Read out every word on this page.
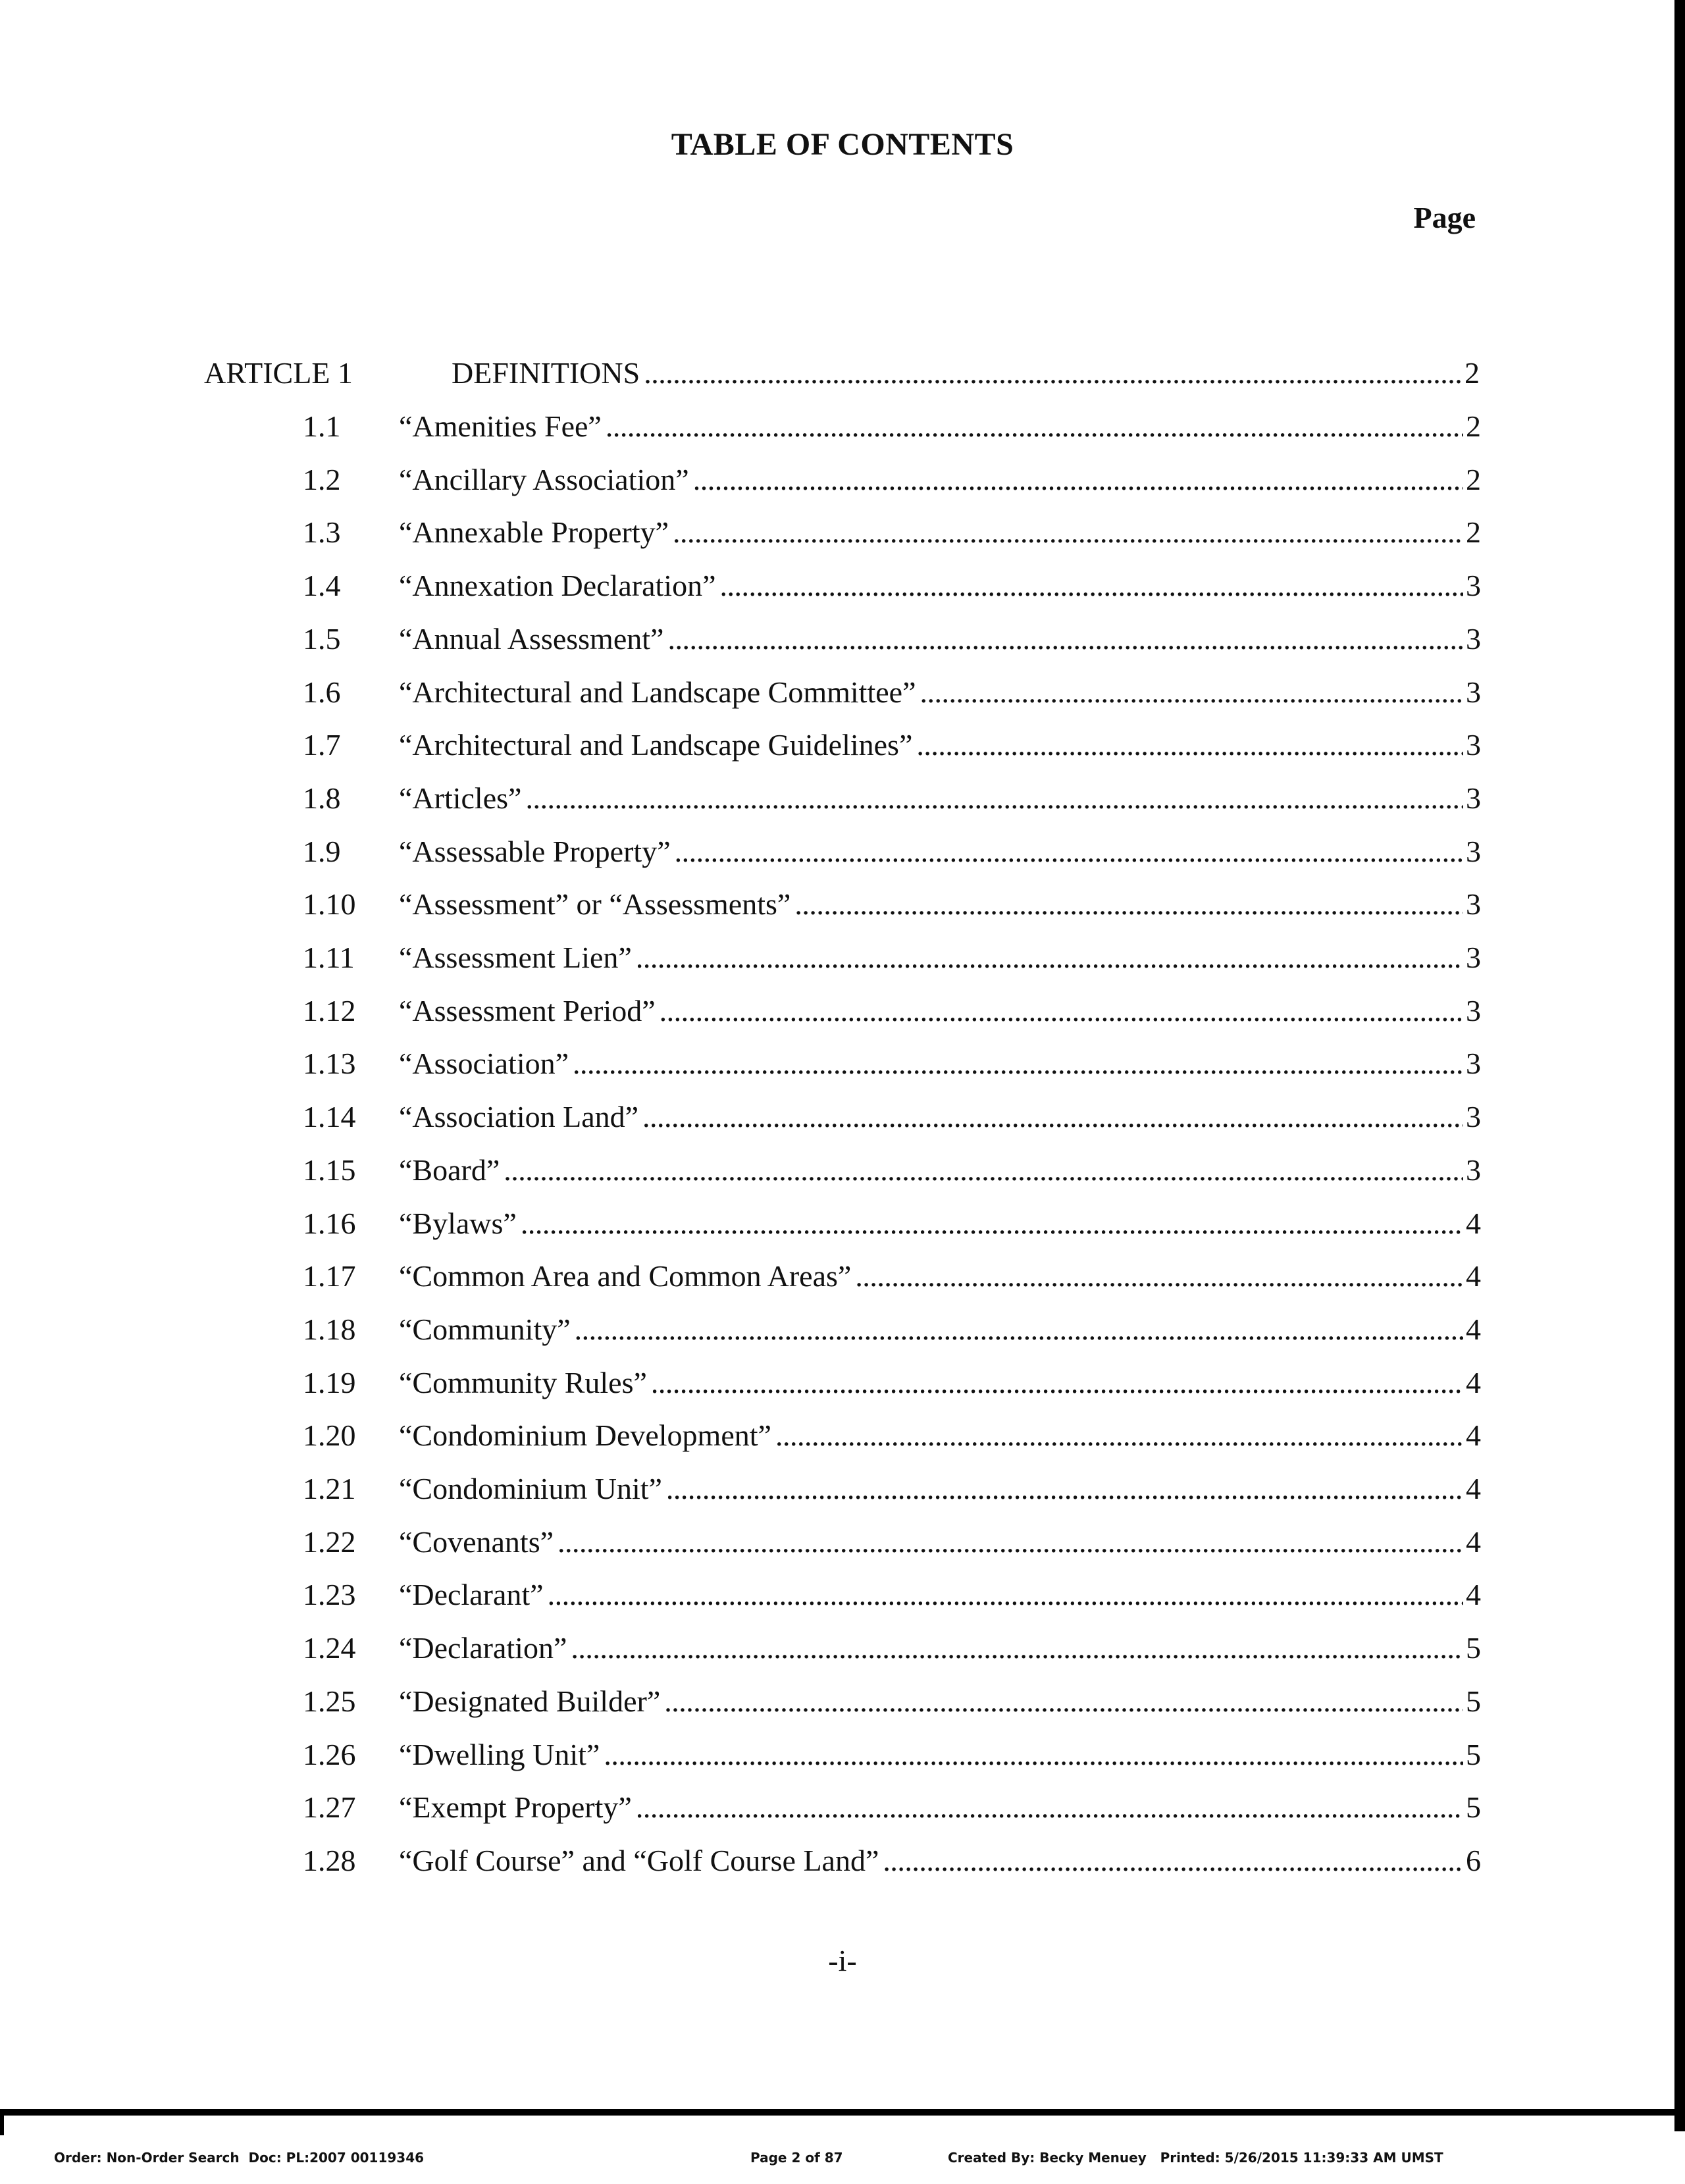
TABLE OF CONTENTS
Page
ARTICLE 1	DEFINITIONS . . .	2
1.1 “Amenities Fee” . . .	2
1.2 “Ancillary Association” . . .	2
1.3 “Annexable Property” . . .	2
1.4 “Annexation Declaration” . . .	3
1.5 “Annual Assessment” . . .	3
1.6 “Architectural and Landscape Committee” . . .	3
1.7 “Architectural and Landscape Guidelines” . . .	3
1.8 “Articles” . . .	3
1.9 “Assessable Property” . . .	3
1.10 “Assessment” or “Assessments” . . .	3
1.11 “Assessment Lien” . . .	3
1.12 “Assessment Period” . . .	3
1.13 “Association” . . .	3
1.14 “Association Land” . . .	3
1.15 “Board” . . .	3
1.16 “Bylaws” . . .	4
1.17 “Common Area and Common Areas” . . .	4
1.18 “Community” . . .	4
1.19 “Community Rules” . . .	4
1.20 “Condominium Development” . . .	4
1.21 “Condominium Unit” . . .	4
1.22 “Covenants” . . .	4
1.23 “Declarant” . . .	4
1.24 “Declaration” . . .	5
1.25 “Designated Builder” . . .	5
1.26 “Dwelling Unit” . . .	5
1.27 “Exempt Property” . . .	5
1.28 “Golf Course” and “Golf Course Land” . . .	6
-i-
Order: Non-Order Search  Doc: PL:2007 00119346	Page 2 of 87	Created By: Becky Menuey   Printed: 5/26/2015 11:39:33 AM UMST
